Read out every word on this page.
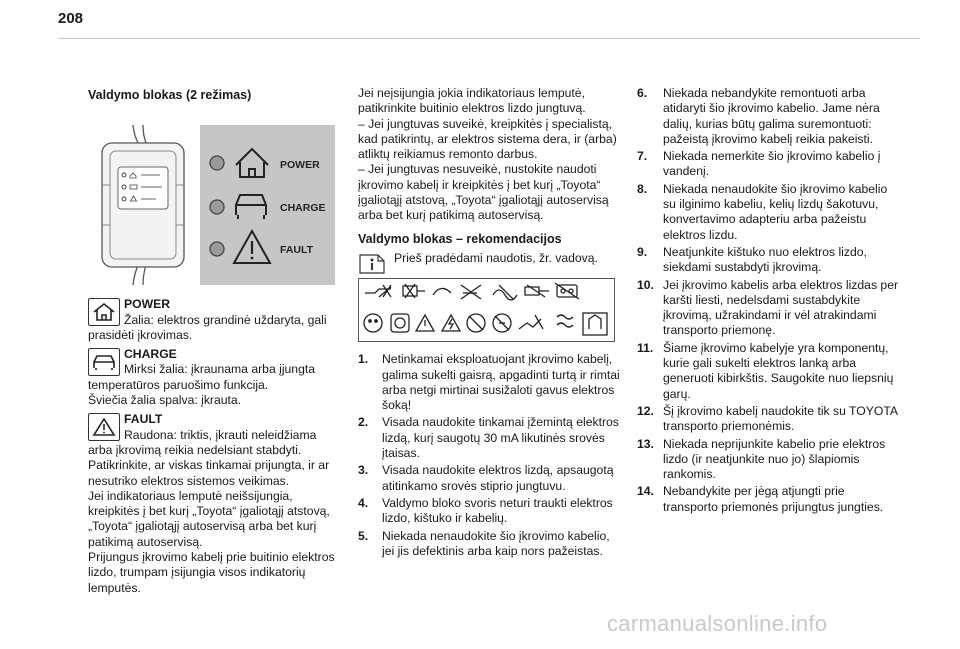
208
Valdymo blokas (2 režimas)
POWER
CHARGE
FAULT
POWER
Žalia: elektros grandinė uždaryta, gali prasidėti įkrovimas.
CHARGE
Mirksi žalia: įkraunama arba įjungta temperatūros paruošimo funkcija.
Šviečia žalia spalva: įkrauta.
FAULT
Raudona: triktis, įkrauti neleidžiama arba įkrovimą reikia nedelsiant stabdyti. Patikrinkite, ar viskas tinkamai prijungta, ir ar nesutriko elektros sistemos veikimas.
Jei indikatoriaus lemputė neišsijungia, kreipkitės į bet kurį „Toyota“ įgaliotąjį atstovą, „Toyota“ įgaliotąjį autoservisą arba bet kurį patikimą autoservisą.
Prijungus įkrovimo kabelį prie buitinio elektros lizdo, trumpam įsijungia visos indikatorių lemputės.

Jei neįsijungia jokia indikatoriaus lemputė, patikrinkite buitinio elektros lizdo jungtuvą.

– Jei jungtuvas suveikė, kreipkitės į specialistą, kad patikrintų, ar elektros sistema dera, ir (arba) atliktų reikiamus remonto darbus.

– Jei jungtuvas nesuveikė, nustokite naudoti įkrovimo kabelį ir kreipkitės į bet kurį „Toyota“ įgaliotąjį atstovą, „Toyota“ įgaliotąjį autoservisą arba bet kurį patikimą autoservisą.

Valdymo blokas – rekomendacijos
Prieš pradėdami naudotis, žr. vadovą.
1. Netinkamai eksploatuojant įkrovimo kabelį, galima sukelti gaisrą, apgadinti turtą ir rimtai arba netgi mirtinai susižaloti gavus elektros šoką!
2. Visada naudokite tinkamai įžemintą elektros lizdą, kurį saugotų 30 mA likutinės srovės įtaisas.
3. Visada naudokite elektros lizdą, apsaugotą atitinkamo srovės stiprio jungtuvu.
4. Valdymo bloko svoris neturi traukti elektros lizdo, kištuko ir kabelių.
5. Niekada nenaudokite šio įkrovimo kabelio, jei jis defektinis arba kaip nors pažeistas.
6. Niekada nebandykite remontuoti arba atidaryti šio įkrovimo kabelio. Jame nėra dalių, kurias būtų galima suremontuoti: pažeistą įkrovimo kabelį reikia pakeisti.
7. Niekada nemerkite šio įkrovimo kabelio į vandenį.
8. Niekada nenaudokite šio įkrovimo kabelio su ilginimo kabeliu, kelių lizdų šakotuvu, konvertavimo adapteriu arba pažeistu elektros lizdu.
9. Neatjunkite kištuko nuo elektros lizdo, siekdami sustabdyti įkrovimą.
10. Jei įkrovimo kabelis arba elektros lizdas per karšti liesti, nedelsdami sustabdykite įkrovimą, užrakindami ir vėl atrakindami transporto priemonę.
11. Šiame įkrovimo kabelyje yra komponentų, kurie gali sukelti elektros lanką arba generuoti kibirkštis. Saugokite nuo liepsnių garų.
12. Šį įkrovimo kabelį naudokite tik su TOYOTA transporto priemonėmis.
13. Niekada neprijunkite kabelio prie elektros lizdo (ir neatjunkite nuo jo) šlapiomis rankomis.
14. Nebandykite per jėgą atjungti prie transporto priemonės prijungtus jungties.
carmanualsonline.info
